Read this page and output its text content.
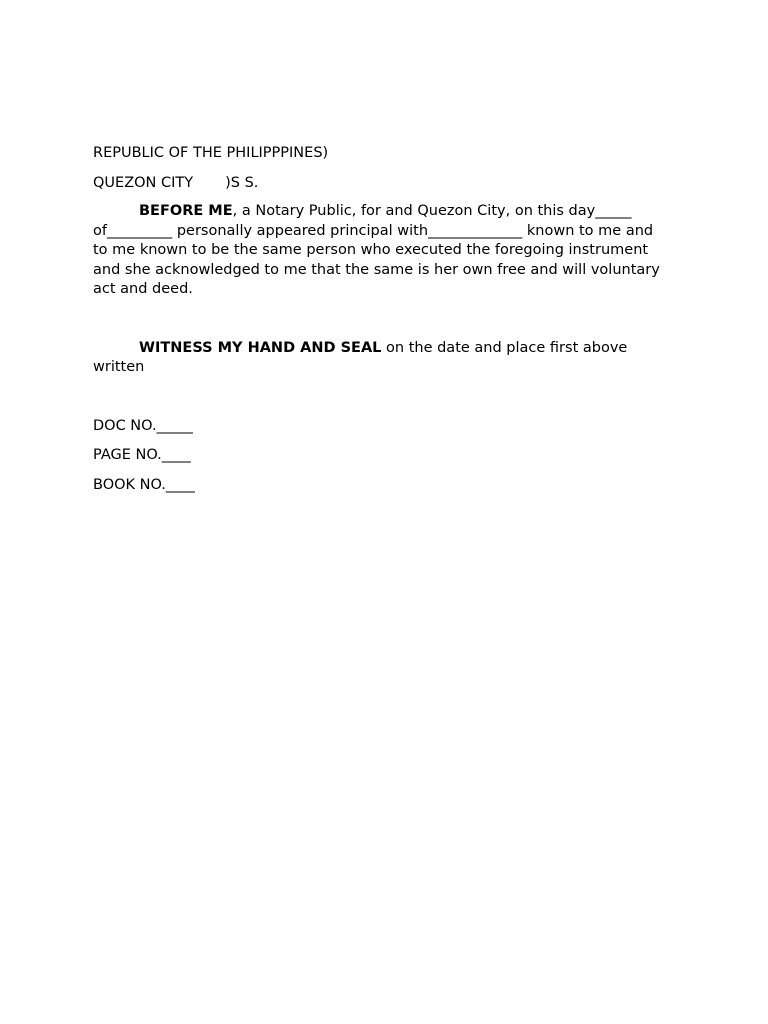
REPUBLIC OF THE PHILIPPPINES)
QUEZON CITY )S S.
BEFORE ME, a Notary Public, for and Quezon City, on this day_____ of_________ personally appeared principal with_____________ known to me and to me known to be the same person who executed the foregoing instrument and she acknowledged to me that the same is her own free and will voluntary act and deed.
WITNESS MY HAND AND SEAL on the date and place first above written
DOC NO._____
PAGE NO.____
BOOK NO.____
